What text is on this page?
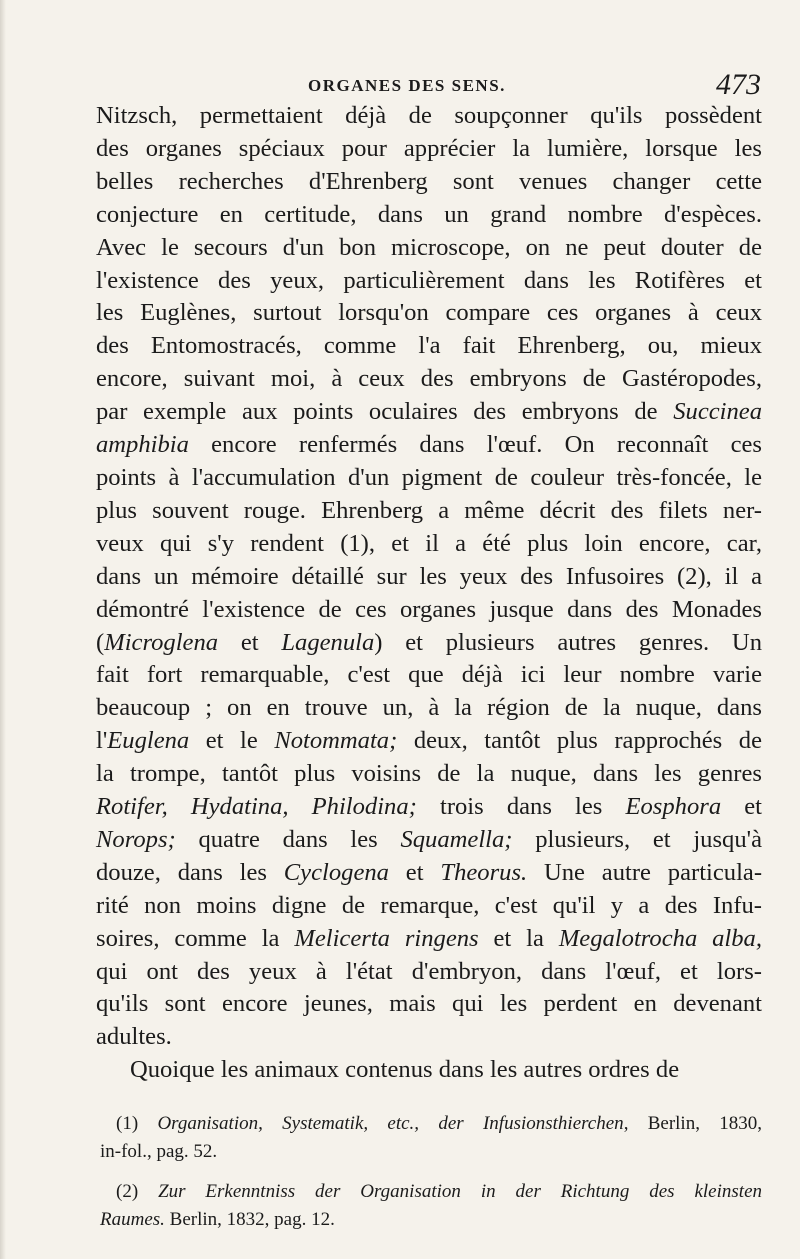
ORGANES DES SENS.	473
Nitzsch, permettaient déjà de soupçonner qu'ils possèdent
des organes spéciaux pour apprécier la lumière, lorsque les
belles recherches d'Ehrenberg sont venues changer cette
conjecture en certitude, dans un grand nombre d'espèces.
Avec le secours d'un bon microscope, on ne peut douter de
l'existence des yeux, particulièrement dans les Rotifères et
les Euglènes, surtout lorsqu'on compare ces organes à ceux
des Entomostracés, comme l'a fait Ehrenberg, ou, mieux
encore, suivant moi, à ceux des embryons de Gastéropodes,
par exemple aux points oculaires des embryons de Succinea
amphibia encore renfermés dans l'œuf. On reconnaît ces
points à l'accumulation d'un pigment de couleur très-foncée, le
plus souvent rouge. Ehrenberg a même décrit des filets ner-
veux qui s'y rendent (1), et il a été plus loin encore, car,
dans un mémoire détaillé sur les yeux des Infusoires (2), il a
démontré l'existence de ces organes jusque dans des Monades
(Microglena et Lagenula) et plusieurs autres genres. Un
fait fort remarquable, c'est que déjà ici leur nombre varie
beaucoup ; on en trouve un, à la région de la nuque, dans
l'Euglena et le Notommata; deux, tantôt plus rapprochés de
la trompe, tantôt plus voisins de la nuque, dans les genres
Rotifer, Hydatina, Philodina; trois dans les Eosphora et
Norops; quatre dans les Squamella; plusieurs, et jusqu'à
douze, dans les Cyclogena et Theorus. Une autre particula-
rité non moins digne de remarque, c'est qu'il y a des Infu-
soires, comme la Melicerta ringens et la Megalotrocha alba,
qui ont des yeux à l'état d'embryon, dans l'œuf, et lors-
qu'ils sont encore jeunes, mais qui les perdent en devenant
adultes.
Quoique les animaux contenus dans les autres ordres de
(1) Organisation, Systematik, etc., der Infusionsthierchen, Berlin, 1830,
in-fol., pag. 52.
(2) Zur Erkenntniss der Organisation in der Richtung des kleinsten
Raumes. Berlin, 1832, pag. 12.
